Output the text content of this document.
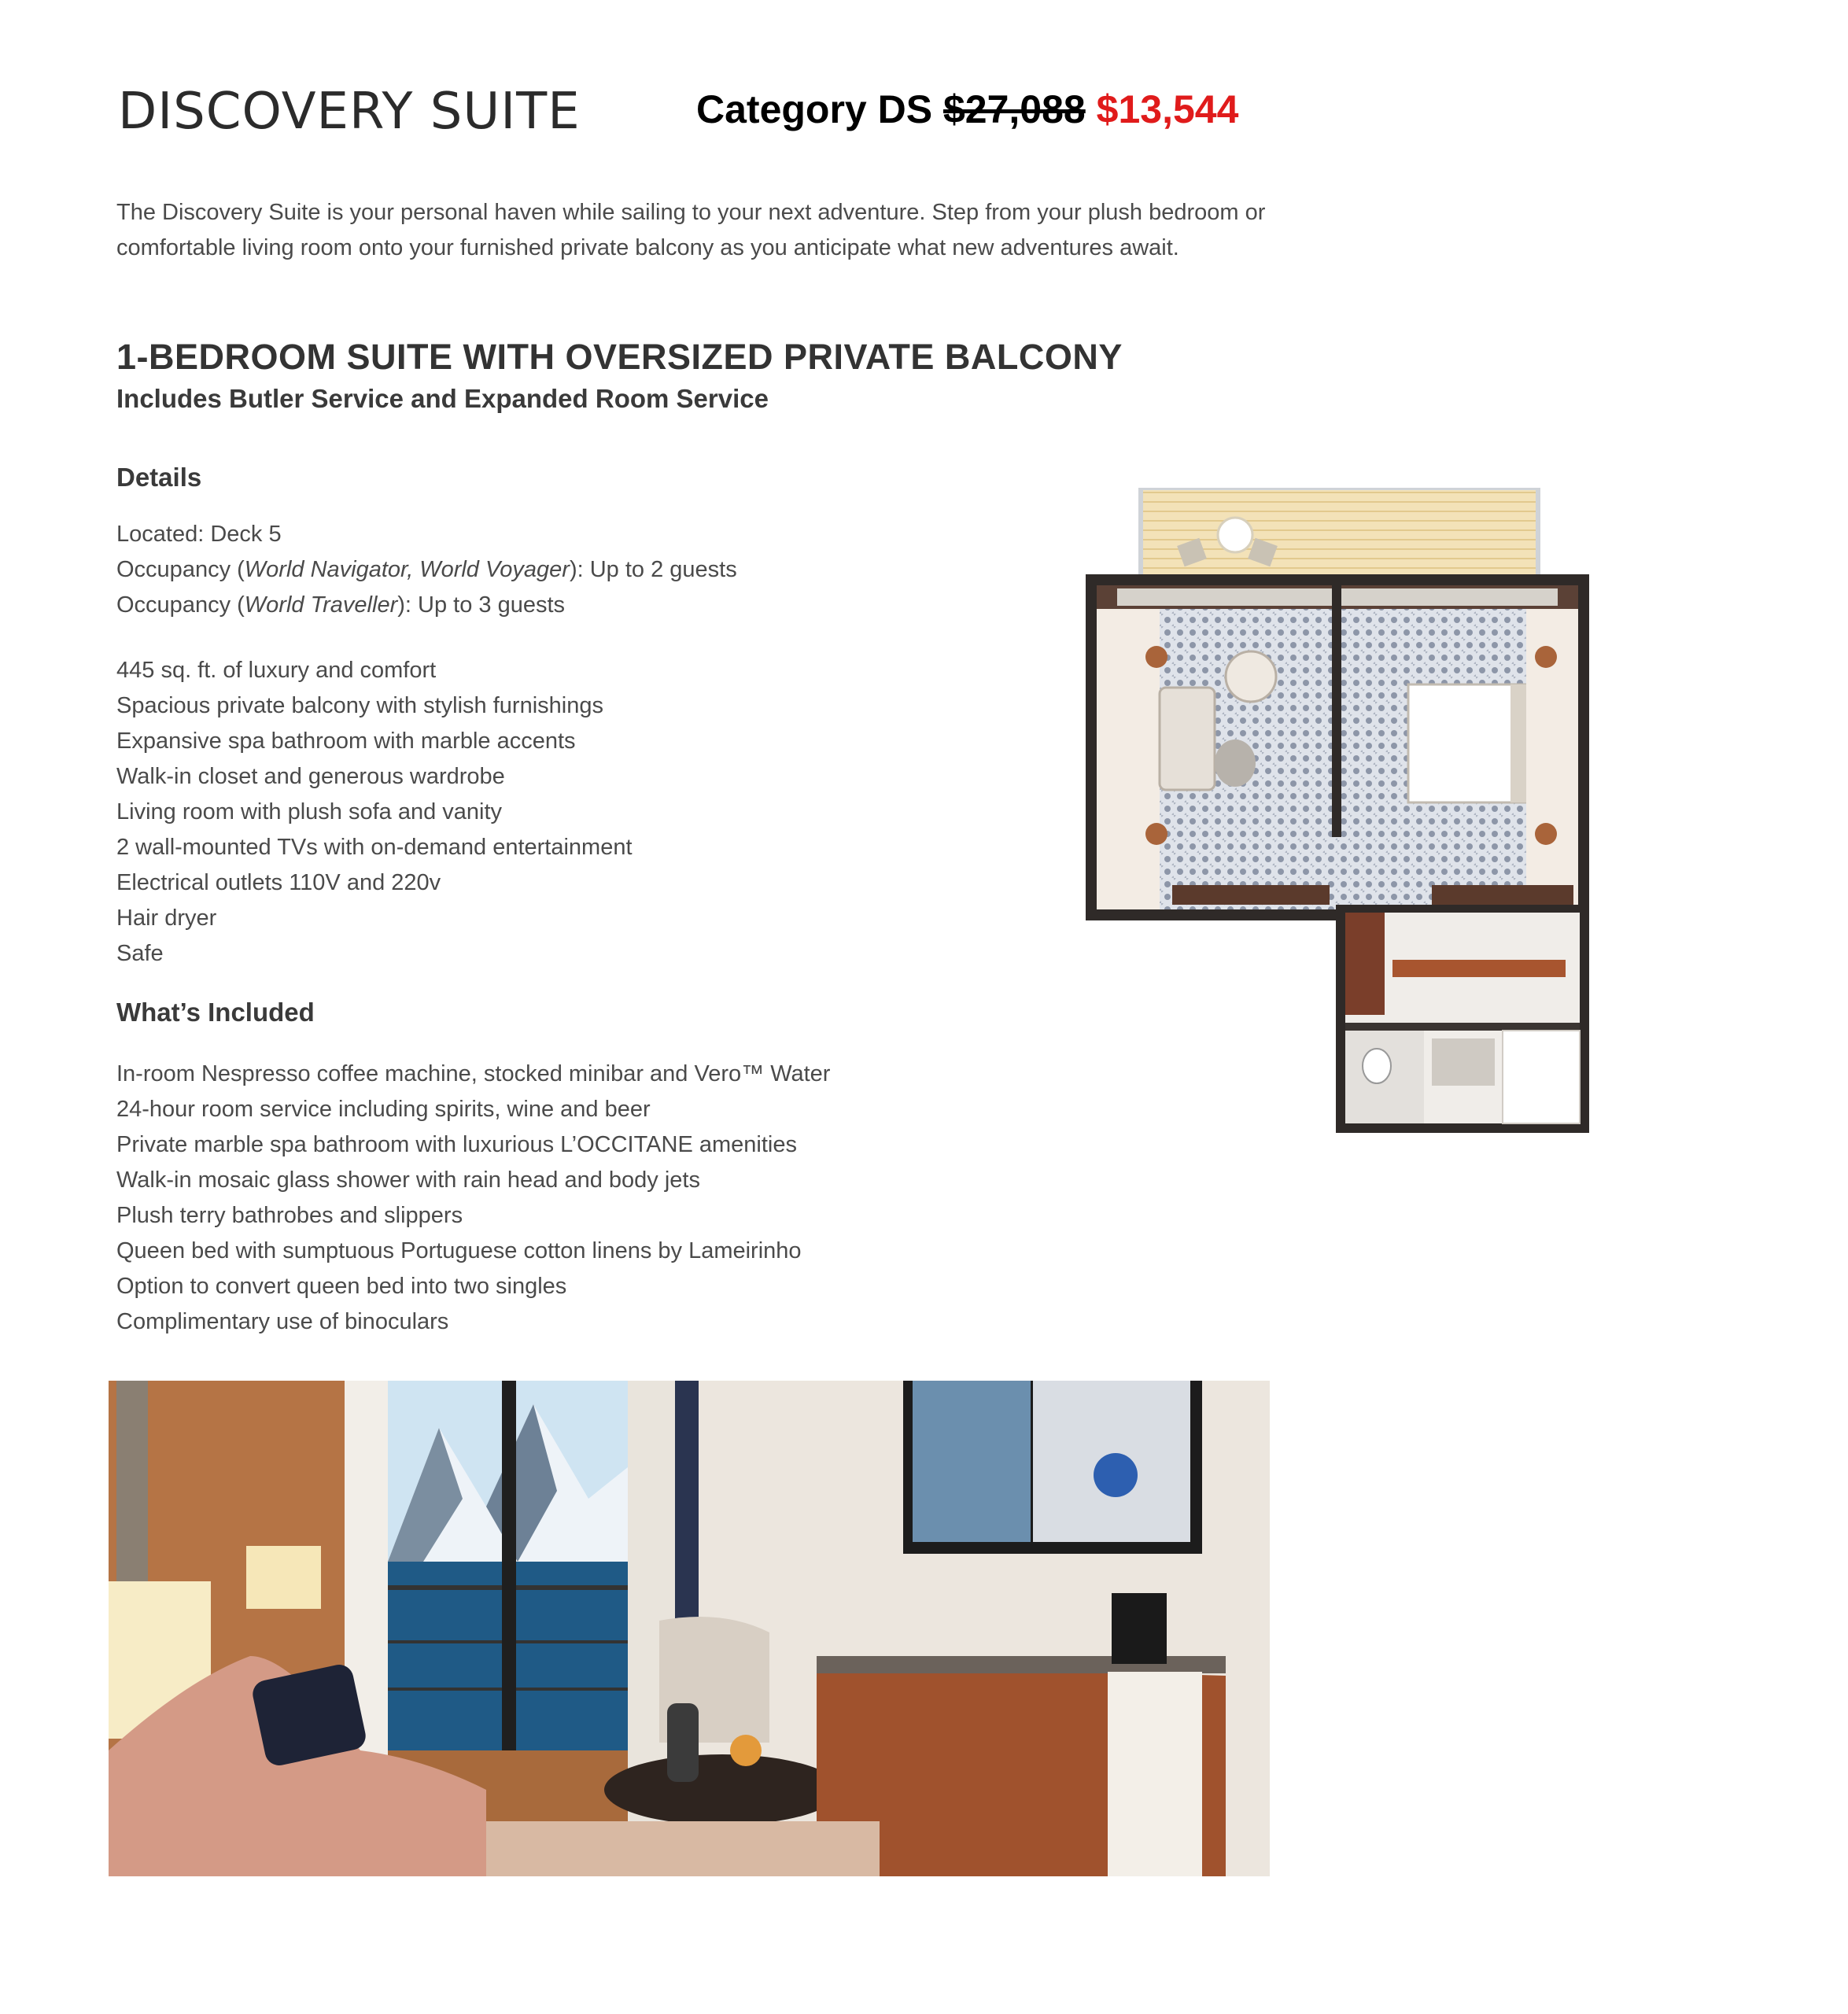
DISCOVERY SUITE	Category DS $27,088 $13,544
The Discovery Suite is your personal haven while sailing to your next adventure. Step from your plush bedroom or comfortable living room onto your furnished private balcony as you anticipate what new adventures await.
1-BEDROOM SUITE WITH OVERSIZED PRIVATE BALCONY
Includes Butler Service and Expanded Room Service
Details
Located: Deck 5
Occupancy (World Navigator, World Voyager): Up to 2 guests
Occupancy (World Traveller): Up to 3 guests
445 sq. ft. of luxury and comfort
Spacious private balcony with stylish furnishings
Expansive spa bathroom with marble accents
Walk-in closet and generous wardrobe
Living room with plush sofa and vanity
2 wall-mounted TVs with on-demand entertainment
Electrical outlets 110V and 220v
Hair dryer
Safe
What’s Included
In-room Nespresso coffee machine, stocked minibar and Vero™ Water
24-hour room service including spirits, wine and beer
Private marble spa bathroom with luxurious L’OCCITANE amenities
Walk-in mosaic glass shower with rain head and body jets
Plush terry bathrobes and slippers
Queen bed with sumptuous Portuguese cotton linens by Lameirinho
Option to convert queen bed into two singles
Complimentary use of binoculars
